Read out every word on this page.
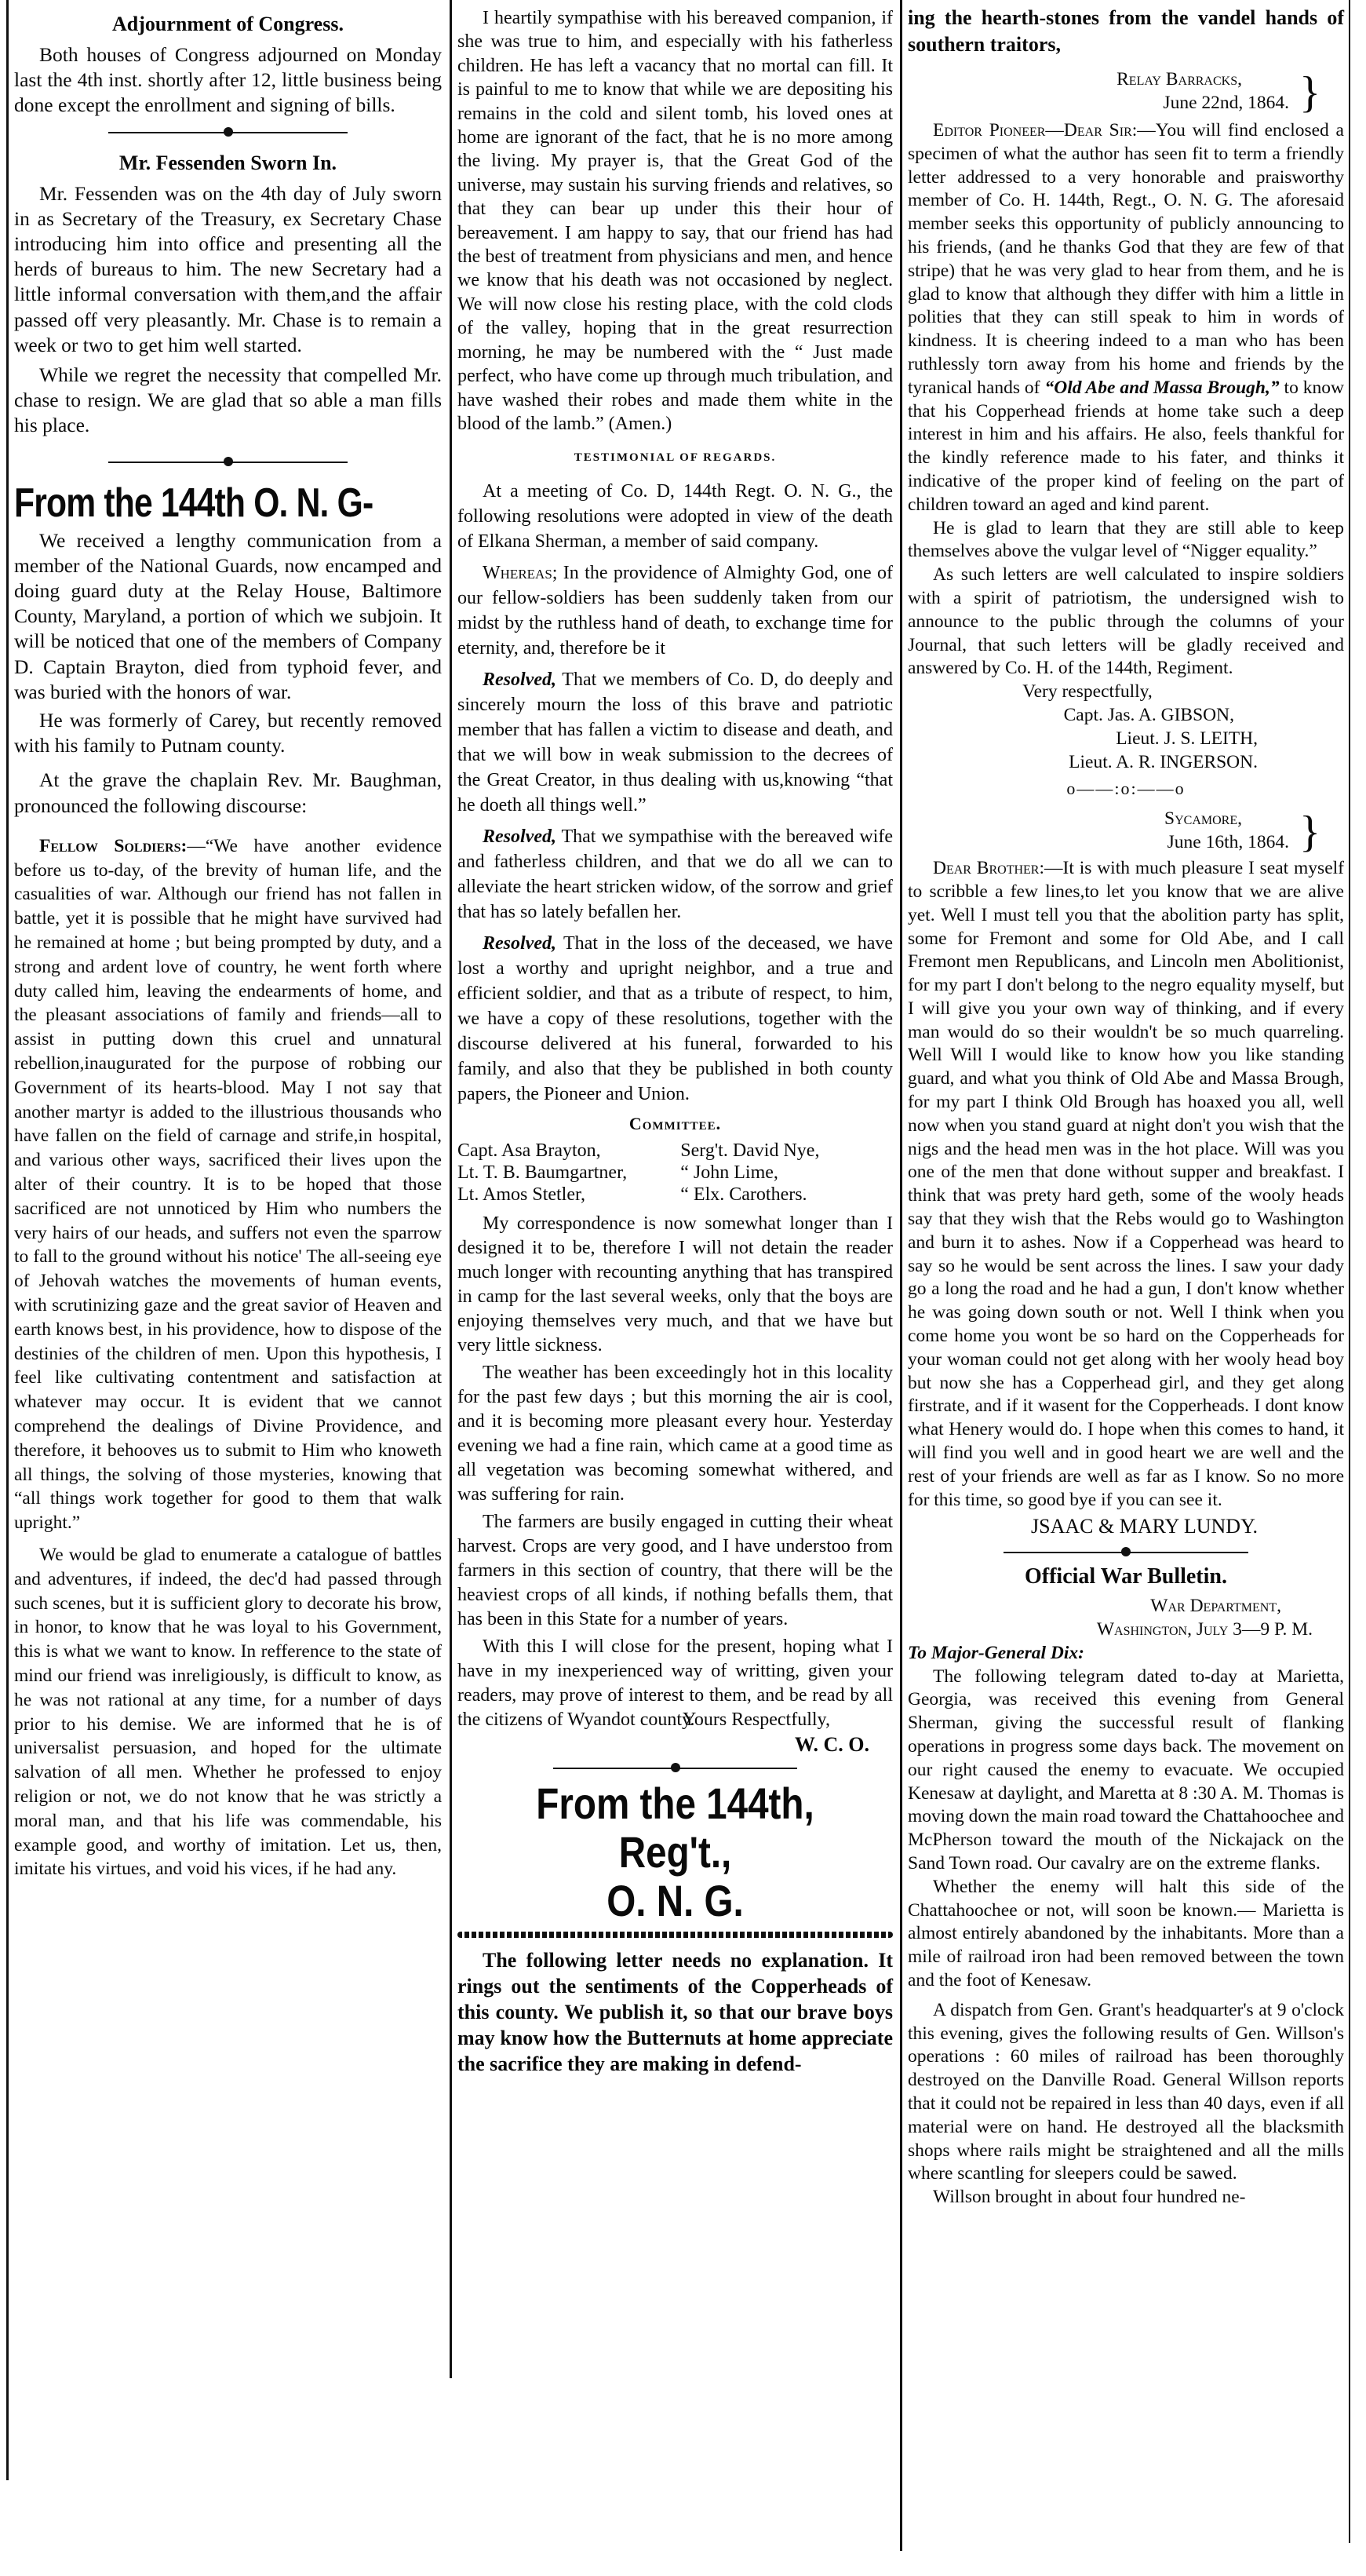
Adjournment of Congress.

Both houses of Congress adjourned on Monday last the 4th inst. shortly after 12, little business being done except the enrollment and signing of bills.

Mr. Fessenden Sworn In.

Mr. Fessenden was on the 4th day of July sworn in as Secretary of the Treasury, ex Secretary Chase introducing him into office and presenting all the herds of bureaus to him. The new Secretary had a little informal conversation with them,and the affair passed off very pleasantly. Mr. Chase is to remain a week or two to get him well started.

While we regret the necessity that compelled Mr. chase to resign. We are glad that so able a man fills his place.

From the 144th O. N. G-

We received a lengthy communication from a member of the National Guards, now encamped and doing guard duty at the Relay House, Baltimore County, Maryland, a portion of which we subjoin. It will be noticed that one of the members of Company D. Captain Brayton, died from typhoid fever, and was buried with the honors of war.

He was formerly of Carey, but recently removed with his family to Putnam county.

At the grave the chaplain Rev. Mr. Baughman, pronounced the following discourse:

Fellow Soldiers:—“We have another evidence before us to-day, of the brevity of human life, and the casualities of war. Although our friend has not fallen in battle, yet it is possible that he might have survived had he remained at home ; but being prompted by duty, and a strong and ardent love of country, he went forth where duty called him, leaving the endearments of home, and the pleasant associations of family and friends—all to assist in putting down this cruel and unnatural rebellion,inaugurated for the purpose of robbing our Government of its hearts-blood. May I not say that another martyr is added to the illustrious thousands who have fallen on the field of carnage and strife,in hospital, and various other ways, sacrificed their lives upon the alter of their country. It is to be hoped that those sacrificed are not unnoticed by Him who numbers the very hairs of our heads, and suffers not even the sparrow to fall to the ground without his notice' The all-seeing eye of Jehovah watches the movements of human events, with scrutinizing gaze and the great savior of Heaven and earth knows best, in his providence, how to dispose of the destinies of the children of men. Upon this hypothesis, I feel like cultivating contentment and satisfaction at whatever may occur. It is evident that we cannot comprehend the dealings of Divine Providence, and therefore, it behooves us to submit to Him who knoweth all things, the solving of those mysteries, knowing that “all things work together for good to them that walk upright.”

We would be glad to enumerate a catalogue of battles and adventures, if indeed, the dec'd had passed through such scenes, but it is sufficient glory to decorate his brow, in honor, to know that he was loyal to his Government, this is what we want to know. In refference to the state of mind our friend was inreligiously, is difficult to know, as he was not rational at any time, for a number of days prior to his demise. We are informed that he is of universalist persuasion, and hoped for the ultimate salvation of all men. Whether he professed to enjoy religion or not, we do not know that he was strictly a moral man, and that his life was commendable, his example good, and worthy of imitation. Let us, then, imitate his virtues, and void his vices, if he had any.

I heartily sympathise with his bereaved companion, if she was true to him, and especially with his fatherless children. He has left a vacancy that no mortal can fill. It is painful to me to know that while we are depositing his remains in the cold and silent tomb, his loved ones at home are ignorant of the fact, that he is no more among the living. My prayer is, that the Great God of the universe, may sustain his surving friends and relatives, so that they can bear up under this their hour of bereavement. I am happy to say, that our friend has had the best of treatment from physicians and men, and hence we know that his death was not occasioned by neglect. We will now close his resting place, with the cold clods of the valley, hoping that in the great resurrection morning, he may be numbered with the “ Just made perfect, who have come up through much tribulation, and have washed their robes and made them white in the blood of the lamb.” (Amen.)

TESTIMONIAL OF REGARDS.

At a meeting of Co. D, 144th Regt. O. N. G., the following resolutions were adopted in view of the death of Elkana Sherman, a member of said company.

Whereas; In the providence of Almighty God, one of our fellow-soldiers has been suddenly taken from our midst by the ruthless hand of death, to exchange time for eternity, and, therefore be it

Resolved, That we members of Co. D, do deeply and sincerely mourn the loss of this brave and patriotic member that has fallen a victim to disease and death, and that we will bow in weak submission to the decrees of the Great Creator, in thus dealing with us,knowing “that he doeth all things well.”

Resolved, That we sympathise with the bereaved wife and fatherless children, and that we do all we can to alleviate the heart stricken widow, of the sorrow and grief that has so lately befallen her.

Resolved, That in the loss of the deceased, we have lost a worthy and upright neighbor, and a true and efficient soldier, and that as a tribute of respect, to him, we have a copy of these resolutions, together with the discourse delivered at his funeral, forwarded to his family, and also that they be published in both county papers, the Pioneer and Union.

Committee.
Capt. Asa Brayton,	Serg't. David Nye,
Lt. T. B. Baumgartner,	“ John Lime,
Lt. Amos Stetler,	“ Elx. Carothers.

My correspondence is now somewhat longer than I designed it to be, therefore I will not detain the reader much longer with recounting anything that has transpired in camp for the last several weeks, only that the boys are enjoying themselves very much, and that we have but very little sickness.

The weather has been exceedingly hot in this locality for the past few days ; but this morning the air is cool, and it is becoming more pleasant every hour. Yesterday evening we had a fine rain, which came at a good time as all vegetation was becoming somewhat withered, and was suffering for rain.

The farmers are busily engaged in cutting their wheat harvest. Crops are very good, and I have understoo from farmers in this section of country, that there will be the heaviest crops of all kinds, if nothing befalls them, that has been in this State for a number of years.

With this I will close for the present, hoping what I have in my inexperienced way of writting, given your readers, may prove of interest to them, and be read by all the citizens of Wyandot county.

Yours Respectfully,

W. C. O.

From the 144th, Reg't.,
O. N. G.

The following letter needs no explanation. It rings out the sentiments of the Copperheads of this county. We publish it, so that our brave boys may know how the Butternuts at home appreciate the sacrifice they are making in defend-

ing the hearth-stones from the vandel hands of southern traitors,

Relay Barracks,
June 22nd, 1864. }

Editor Pioneer—Dear Sir:—You will find enclosed a specimen of what the author has seen fit to term a friendly letter addressed to a very honorable and praisworthy member of Co. H. 144th, Regt., O. N. G. The aforesaid member seeks this opportunity of publicly announcing to his friends, (and he thanks God that they are few of that stripe) that he was very glad to hear from them, and he is glad to know that although they differ with him a little in polities that they can still speak to him in words of kindness. It is cheering indeed to a man who has been ruthlessly torn away from his home and friends by the tyranical hands of “Old Abe and Massa Brough,” to know that his Copperhead friends at home take such a deep interest in him and his affairs. He also, feels thankful for the kindly reference made to his fater, and thinks it indicative of the proper kind of feeling on the part of children toward an aged and kind parent.

He is glad to learn that they are still able to keep themselves above the vulgar level of “Nigger equality.”

As such letters are well calculated to inspire soldiers with a spirit of patriotism, the undersigned wish to announce to the public through the columns of your Journal, that such letters will be gladly received and answered by Co. H. of the 144th, Regiment.

Very respectfully,

Capt. Jas. A. GIBSON,

Lieut. J. S. LEITH,

Lieut. A. R. INGERSON.

o——:o:——o
Sycamore,
June 16th, 1864. }

Dear Brother:—It is with much pleasure I seat myself to scribble a few lines,to let you know that we are alive yet. Well I must tell you that the abolition party has split, some for Fremont and some for Old Abe, and I call Fremont men Republicans, and Lincoln men Abolitionist, for my part I don't belong to the negro equality myself, but I will give you your own way of thinking, and if every man would do so their wouldn't be so much quarreling. Well Will I would like to know how you like standing guard, and what you think of Old Abe and Massa Brough, for my part I think Old Brough has hoaxed you all, well now when you stand guard at night don't you wish that the nigs and the head men was in the hot place. Will was you one of the men that done without supper and breakfast. I think that was prety hard geth, some of the wooly heads say that they wish that the Rebs would go to Washington and burn it to ashes. Now if a Copperhead was heard to say so he would be sent across the lines. I saw your dady go a long the road and he had a gun, I don't know whether he was going down south or not. Well I think when you come home you wont be so hard on the Copperheads for your woman could not get along with her wooly head boy but now she has a Copperhead girl, and they get along firstrate, and if it wasent for the Copperheads. I dont know what Henery would do. I hope when this comes to hand, it will find you well and in good heart we are well and the rest of your friends are well as far as I know. So no more for this time, so good bye if you can see it.

JSAAC & MARY LUNDY.

Official War Bulletin.

War Department,

Washington, July 3—9 P. M.

To Major-General Dix:

The following telegram dated to-day at Marietta, Georgia, was received this evening from General Sherman, giving the successful result of flanking operations in progress some days back. The movement on our right caused the enemy to evacuate. We occupied Kenesaw at daylight, and Maretta at 8 :30 A. M. Thomas is moving down the main road toward the Chattahoochee and McPherson toward the mouth of the Nickajack on the Sand Town road. Our cavalry are on the extreme flanks.

Whether the enemy will halt this side of the Chattahoochee or not, will soon be known.— Marietta is almost entirely abandoned by the inhabitants. More than a mile of railroad iron had been removed between the town and the foot of Kenesaw.

A dispatch from Gen. Grant's headquarter's at 9 o'clock this evening, gives the following results of Gen. Willson's operations : 60 miles of railroad has been thoroughly destroyed on the Danville Road. General Willson reports that it could not be repaired in less than 40 days, even if all material were on hand. He destroyed all the blacksmith shops where rails might be straightened and all the mills where scantling for sleepers could be sawed.

Willson brought in about four hundred ne-
